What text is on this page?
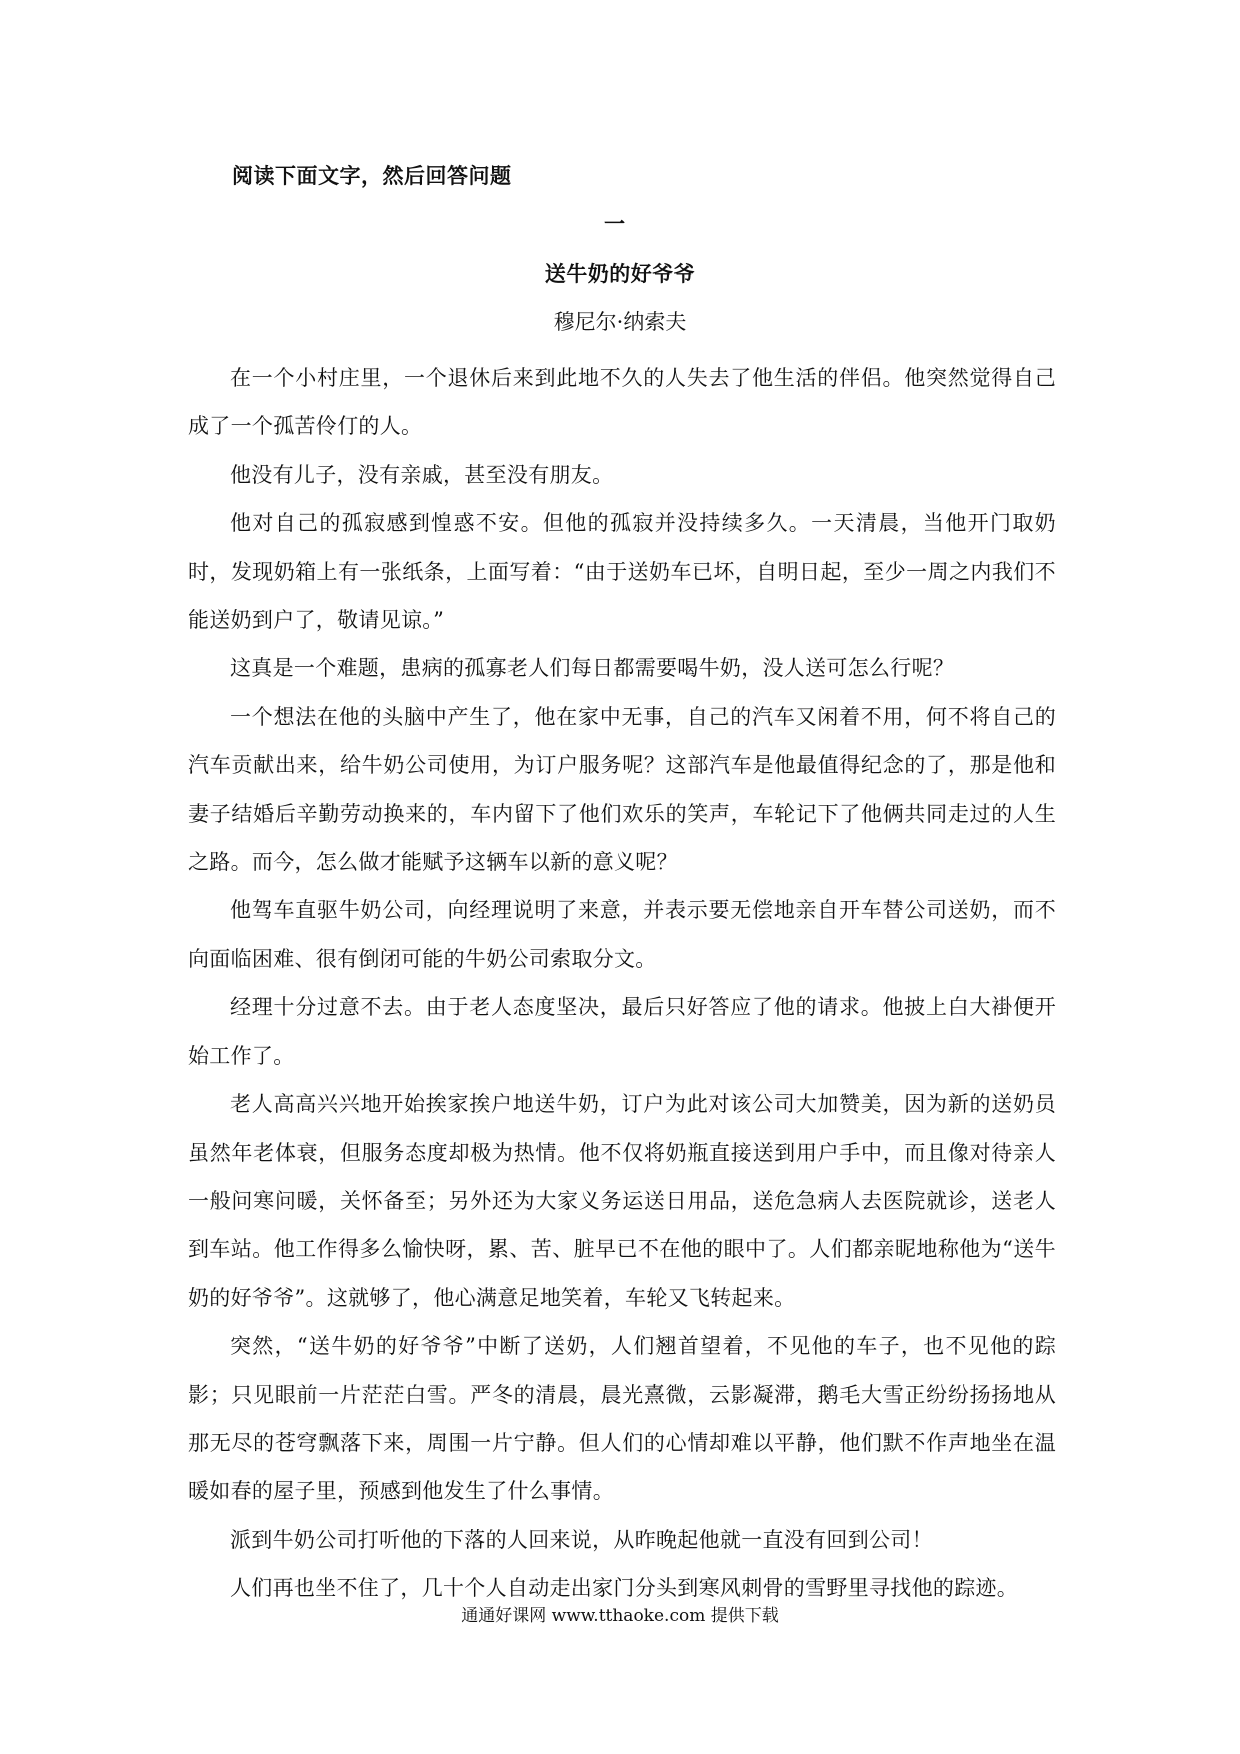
阅读下面文字，然后回答问题
一
送牛奶的好爷爷
穆尼尔·纳索夫

在一个小村庄里，一个退休后来到此地不久的人失去了他生活的伴侣。他突然觉得自己成了一个孤苦伶仃的人。

他没有儿子，没有亲戚，甚至没有朋友。

他对自己的孤寂感到惶惑不安。但他的孤寂并没持续多久。一天清晨，当他开门取奶时，发现奶箱上有一张纸条，上面写着：“由于送奶车已坏，自明日起，至少一周之内我们不能送奶到户了，敬请见谅。”

这真是一个难题，患病的孤寡老人们每日都需要喝牛奶，没人送可怎么行呢？

一个想法在他的头脑中产生了，他在家中无事，自己的汽车又闲着不用，何不将自己的汽车贡献出来，给牛奶公司使用，为订户服务呢？这部汽车是他最值得纪念的了，那是他和妻子结婚后辛勤劳动换来的，车内留下了他们欢乐的笑声，车轮记下了他俩共同走过的人生之路。而今，怎么做才能赋予这辆车以新的意义呢？

他驾车直驱牛奶公司，向经理说明了来意，并表示要无偿地亲自开车替公司送奶，而不向面临困难、很有倒闭可能的牛奶公司索取分文。

经理十分过意不去。由于老人态度坚决，最后只好答应了他的请求。他披上白大褂便开始工作了。

老人高高兴兴地开始挨家挨户地送牛奶，订户为此对该公司大加赞美，因为新的送奶员虽然年老体衰，但服务态度却极为热情。他不仅将奶瓶直接送到用户手中，而且像对待亲人一般问寒问暖，关怀备至；另外还为大家义务运送日用品，送危急病人去医院就诊，送老人到车站。他工作得多么愉快呀，累、苦、脏早已不在他的眼中了。人们都亲昵地称他为“送牛奶的好爷爷”。这就够了，他心满意足地笑着，车轮又飞转起来。

突然，“送牛奶的好爷爷”中断了送奶，人们翘首望着，不见他的车子，也不见他的踪影；只见眼前一片茫茫白雪。严冬的清晨，晨光熹微，云影凝滞，鹅毛大雪正纷纷扬扬地从那无尽的苍穹飘落下来，周围一片宁静。但人们的心情却难以平静，他们默不作声地坐在温暖如春的屋子里，预感到他发生了什么事情。

派到牛奶公司打听他的下落的人回来说，从昨晚起他就一直没有回到公司！

人们再也坐不住了，几十个人自动走出家门分头到寒风刺骨的雪野里寻找他的踪迹。

通通好课网 www.tthaoke.com 提供下载
